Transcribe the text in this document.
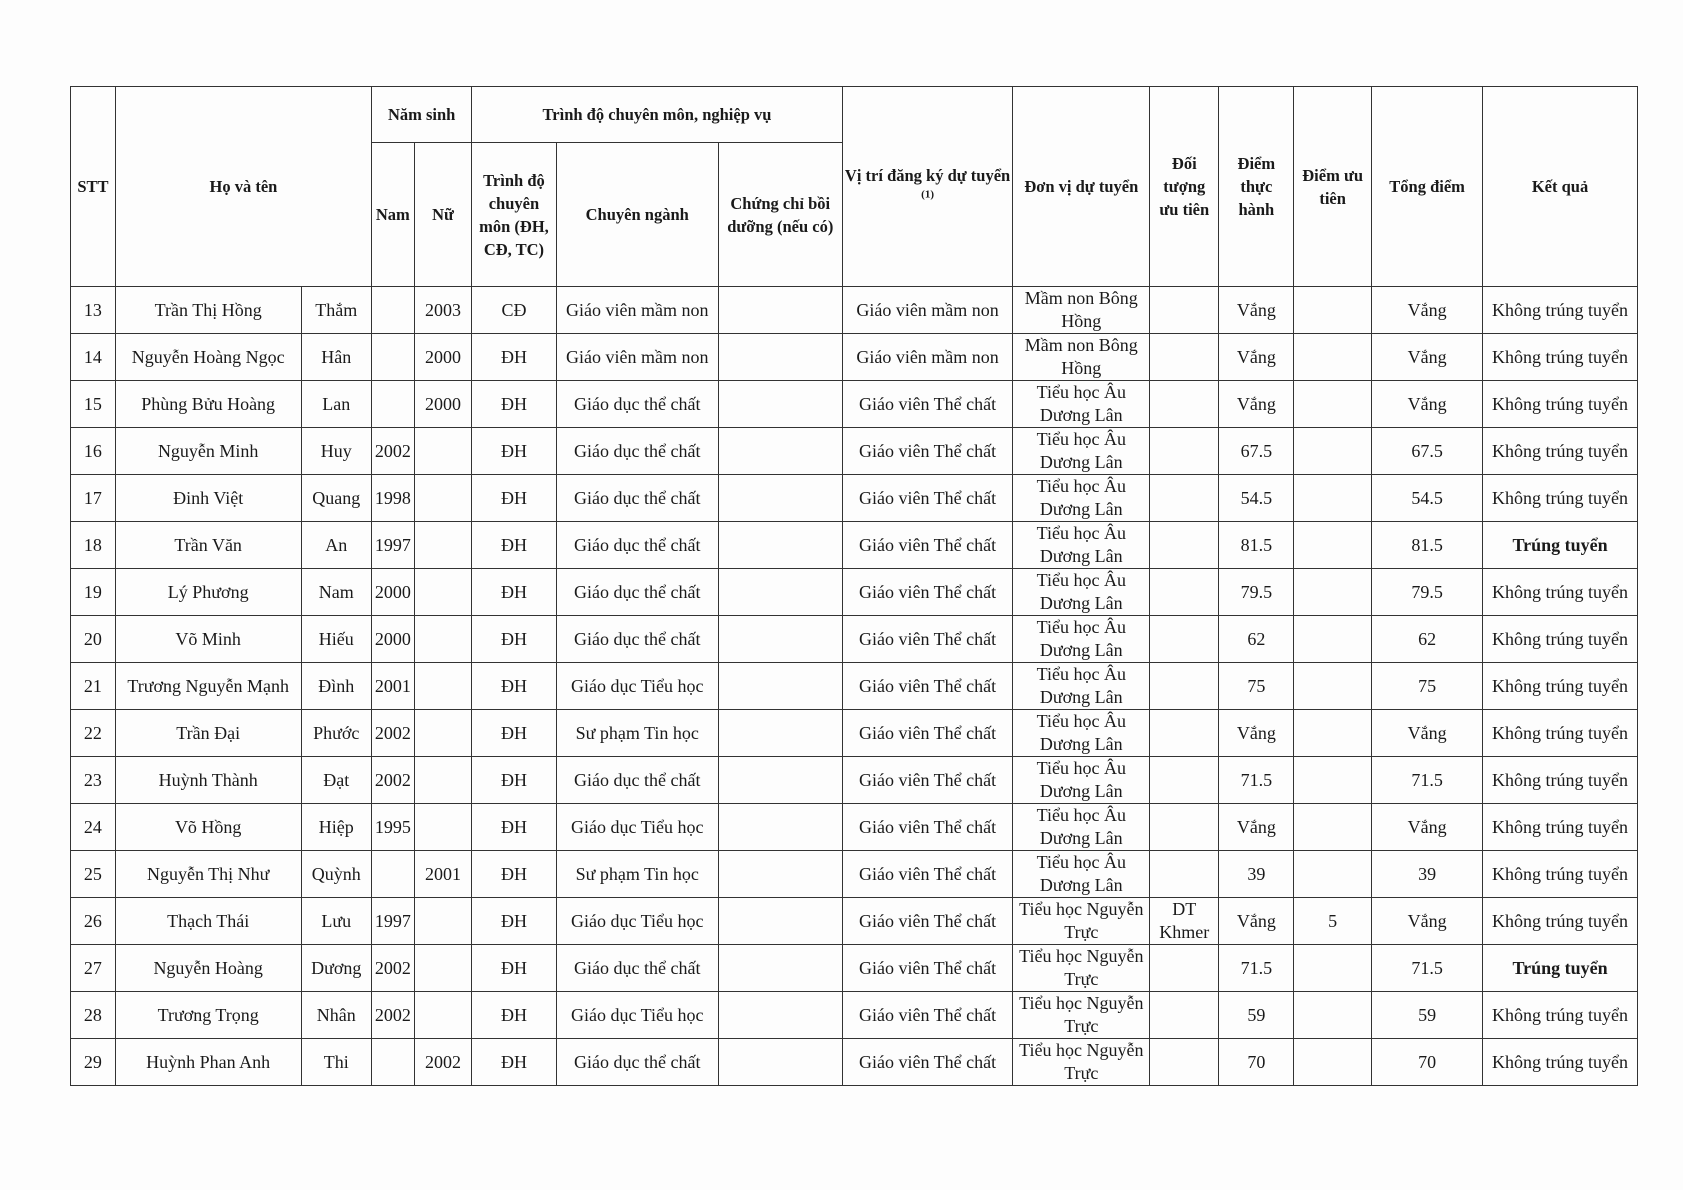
STT	Họ và tên		Năm sinh		Trình độ chuyên môn, nghiệp vụ			Vị trí đăng ký dự tuyển $^{(1)}$	Đơn vị dự tuyển	Đối tượng ưu tiên	Điểm thực hành	Điểm ưu tiên	Tổng điểm	Kết quả
			Nam	Nữ	Trình độ chuyên môn (ĐH, CĐ, TC)	Chuyên ngành	Chứng chỉ bồi dưỡng (nếu có)							
13	Trần Thị Hồng	Thắm		2003	CĐ	Giáo viên mầm non		Giáo viên mầm non	Mầm non Bông Hồng		Vắng		Vắng	Không trúng tuyển
14	Nguyễn Hoàng Ngọc	Hân		2000	ĐH	Giáo viên mầm non		Giáo viên mầm non	Mầm non Bông Hồng		Vắng		Vắng	Không trúng tuyển
15	Phùng Bửu Hoàng	Lan		2000	ĐH	Giáo dục thể chất		Giáo viên Thể chất	Tiểu học Âu Dương Lân		Vắng		Vắng	Không trúng tuyển
16	Nguyễn Minh	Huy	2002		ĐH	Giáo dục thể chất		Giáo viên Thể chất	Tiểu học Âu Dương Lân		67.5		67.5	Không trúng tuyển
17	Đinh Việt	Quang	1998		ĐH	Giáo dục thể chất		Giáo viên Thể chất	Tiểu học Âu Dương Lân		54.5		54.5	Không trúng tuyển
18	Trần Văn	An	1997		ĐH	Giáo dục thể chất		Giáo viên Thể chất	Tiểu học Âu Dương Lân		81.5		81.5	Trúng tuyển
19	Lý Phương	Nam	2000		ĐH	Giáo dục thể chất		Giáo viên Thể chất	Tiểu học Âu Dương Lân		79.5		79.5	Không trúng tuyển
20	Võ Minh	Hiếu	2000		ĐH	Giáo dục thể chất		Giáo viên Thể chất	Tiểu học Âu Dương Lân		62		62	Không trúng tuyển
21	Trương Nguyễn Mạnh	Đình	2001		ĐH	Giáo dục Tiểu học		Giáo viên Thể chất	Tiểu học Âu Dương Lân		75		75	Không trúng tuyển
22	Trần Đại	Phước	2002		ĐH	Sư phạm Tin học		Giáo viên Thể chất	Tiểu học Âu Dương Lân		Vắng		Vắng	Không trúng tuyển
23	Huỳnh Thành	Đạt	2002		ĐH	Giáo dục thể chất		Giáo viên Thể chất	Tiểu học Âu Dương Lân		71.5		71.5	Không trúng tuyển
24	Võ Hồng	Hiệp	1995		ĐH	Giáo dục Tiểu học		Giáo viên Thể chất	Tiểu học Âu Dương Lân		Vắng		Vắng	Không trúng tuyển
25	Nguyễn Thị Như	Quỳnh		2001	ĐH	Sư phạm Tin học		Giáo viên Thể chất	Tiểu học Âu Dương Lân		39		39	Không trúng tuyển
26	Thạch Thái	Lưu	1997		ĐH	Giáo dục Tiểu học		Giáo viên Thể chất	Tiểu học Nguyễn Trực	DT Khmer	Vắng	5	Vắng	Không trúng tuyển
27	Nguyễn Hoàng	Dương	2002		ĐH	Giáo dục thể chất		Giáo viên Thể chất	Tiểu học Nguyễn Trực		71.5		71.5	Trúng tuyển
28	Trương Trọng	Nhân	2002		ĐH	Giáo dục Tiểu học		Giáo viên Thể chất	Tiểu học Nguyễn Trực		59		59	Không trúng tuyển
29	Huỳnh Phan Anh	Thi		2002	ĐH	Giáo dục thể chất		Giáo viên Thể chất	Tiểu học Nguyễn Trực		70		70	Không trúng tuyển
